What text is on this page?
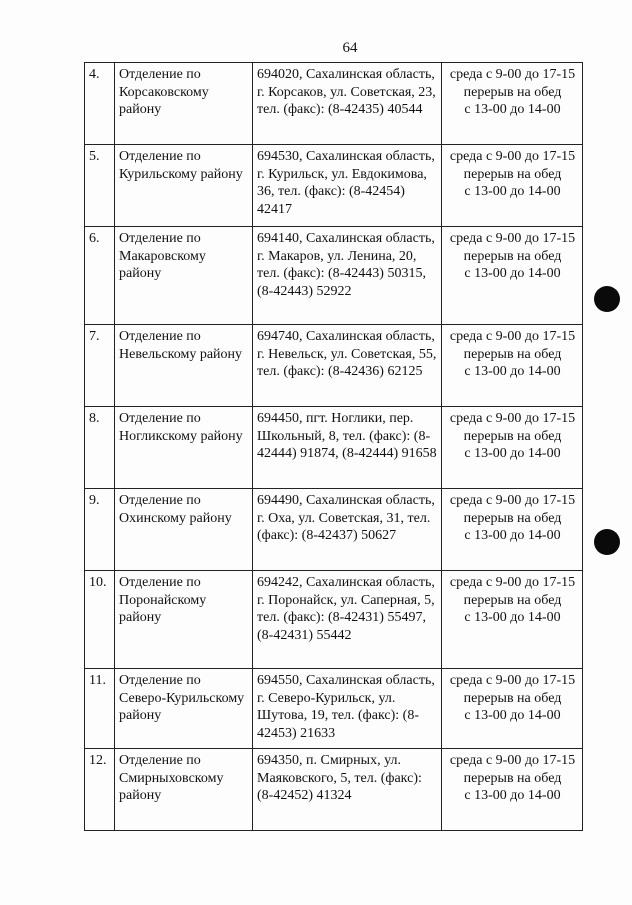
64
4.	Отделение по Корсаковскому району	694020, Сахалинская область, г. Корсаков, ул. Советская, 23, тел. (факс): (8-42435) 40544	среда с 9-00 до 17-15
перерыв на обед
с 13-00 до 14-00

5.	Отделение по Курильскому району	694530, Сахалинская область, г. Курильск, ул. Евдокимова, 36, тел. (факс): (8-42454) 42417	среда с 9-00 до 17-15
перерыв на обед
с 13-00 до 14-00

6.	Отделение по Макаровскому району	694140, Сахалинская область, г. Макаров, ул. Ленина, 20, тел. (факс): (8-42443) 50315, (8-42443) 52922	среда с 9-00 до 17-15
перерыв на обед
с 13-00 до 14-00

7.	Отделение по Невельскому району	694740, Сахалинская область, г. Невельск, ул. Советская, 55, тел. (факс): (8-42436) 62125	среда с 9-00 до 17-15
перерыв на обед
с 13-00 до 14-00

8.	Отделение по Ногликскому району	694450, пгт. Ноглики, пер. Школьный, 8, тел. (факс): (8-42444) 91874, (8-42444) 91658	среда с 9-00 до 17-15
перерыв на обед
с 13-00 до 14-00

9.	Отделение по Охинскому району	694490, Сахалинская область, г. Оха, ул. Советская, 31, тел. (факс): (8-42437) 50627	среда с 9-00 до 17-15
перерыв на обед
с 13-00 до 14-00

10.	Отделение по Поронайскому району	694242, Сахалинская область, г. Поронайск, ул. Саперная, 5, тел. (факс): (8-42431) 55497, (8-42431) 55442	среда с 9-00 до 17-15
перерыв на обед
с 13-00 до 14-00

11.	Отделение по Северо-Курильскому району	694550, Сахалинская область, г. Северо-Курильск, ул. Шутова, 19, тел. (факс): (8-42453) 21633	среда с 9-00 до 17-15
перерыв на обед
с 13-00 до 14-00

12.	Отделение по Смирныховскому району	694350, п. Смирных, ул. Маяковского, 5, тел. (факс): (8-42452) 41324	среда с 9-00 до 17-15
перерыв на обед
с 13-00 до 14-00
